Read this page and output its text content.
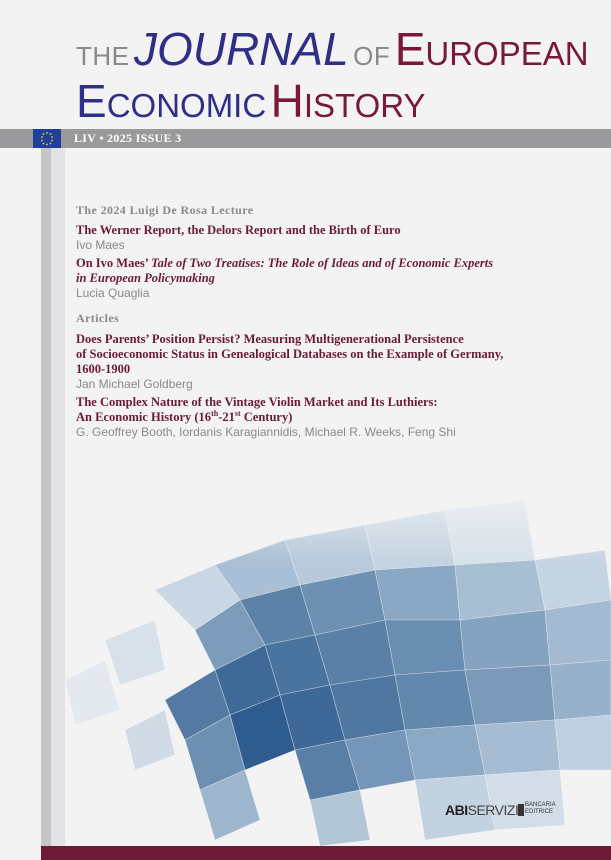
THE JOURNAL OF EUROPEAN
ECONOMIC HISTORY
LIV • 2025 ISSUE 3
The 2024 Luigi De Rosa Lecture
The Werner Report, the Delors Report and the Birth of Euro
Ivo Maes
On Ivo Maes’ Tale of Two Treatises: The Role of Ideas and of Economic Experts
in European Policymaking
Lucia Quaglia
Articles
Does Parents’ Position Persist? Measuring Multigenerational Persistence
of Socioeconomic Status in Genealogical Databases on the Example of Germany,
1600-1900
Jan Michael Goldberg
The Complex Nature of the Vintage Violin Market and Its Luthiers:
An Economic History (16th-21st Century)
G. Geoffrey Booth, Iordanis Karagiannidis, Michael R. Weeks, Feng Shi
ABISERVIZI BANCARIA
EDITRICE
